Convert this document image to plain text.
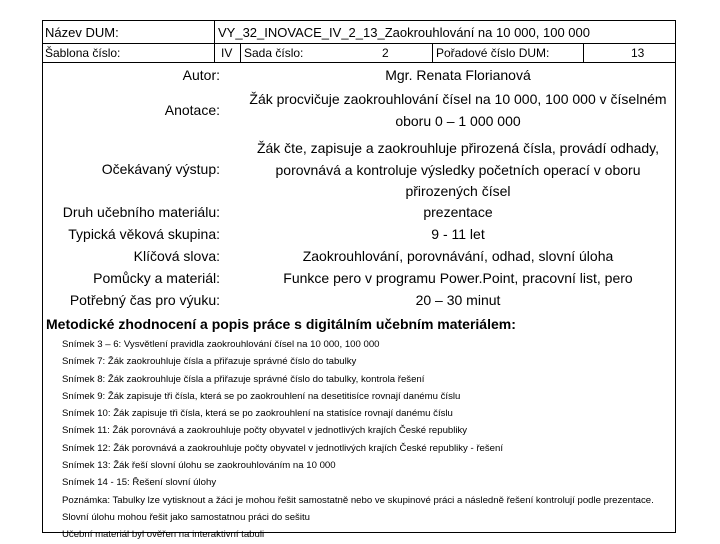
Název DUM:	VY_32_INOVACE_IV_2_13_Zaokrouhlování na 10 000, 100 000
Šablona číslo:	IV Sada číslo:	2	Pořadové číslo DUM:	13
Autor:	Mgr. Renata Florianová
Anotace:
Žák procvičuje zaokrouhlování čísel na 10 000, 100 000 v číselném oboru 0 – 1 000 000
Očekávaný výstup:
Žák čte, zapisuje a zaokrouhluje přirozená čísla, provádí odhady, porovnává a kontroluje výsledky početních operací v oboru přirozených čísel
Druh učebního materiálu:	prezentace
Typická věková skupina:	9 - 11 let
Klíčová slova:	Zaokrouhlování, porovnávání, odhad, slovní úloha
Pomůcky a materiál:	Funkce pero v programu Power.Point, pracovní list, pero
Potřebný čas pro výuku:	20 – 30 minut
Metodické zhodnocení a popis práce s digitálním učebním materiálem:
Snímek 3 – 6: Vysvětlení pravidla zaokrouhlování čísel na 10 000, 100 000
Snímek 7: Žák zaokrouhluje čísla a přiřazuje správné číslo do tabulky
Snímek 8: Žák zaokrouhluje čísla a přiřazuje správné číslo do tabulky, kontrola řešení
Snímek 9: Žák zapisuje tři čísla, která se po zaokrouhlení na desetitisíce rovnají danému číslu
Snímek 10: Žák zapisuje tři čísla, která se po zaokrouhlení na statisíce rovnají danému číslu
Snímek 11: Žák porovnává a zaokrouhluje počty obyvatel v jednotlivých krajích České republiky
Snímek 12: Žák porovnává a zaokrouhluje počty obyvatel v jednotlivých krajích České republiky - řešení
Snímek 13: Žák řeší slovní úlohu se zaokrouhlováním na 10 000
Snímek 14 - 15: Řešení slovní úlohy
Poznámka: Tabulky lze vytisknout a žáci je mohou řešit samostatně nebo ve skupinové práci a následně řešení kontrolují podle prezentace. Slovní úlohu mohou řešit jako samostatnou práci do sešitu
Učební materiál byl ověřen na interaktivní tabuli
